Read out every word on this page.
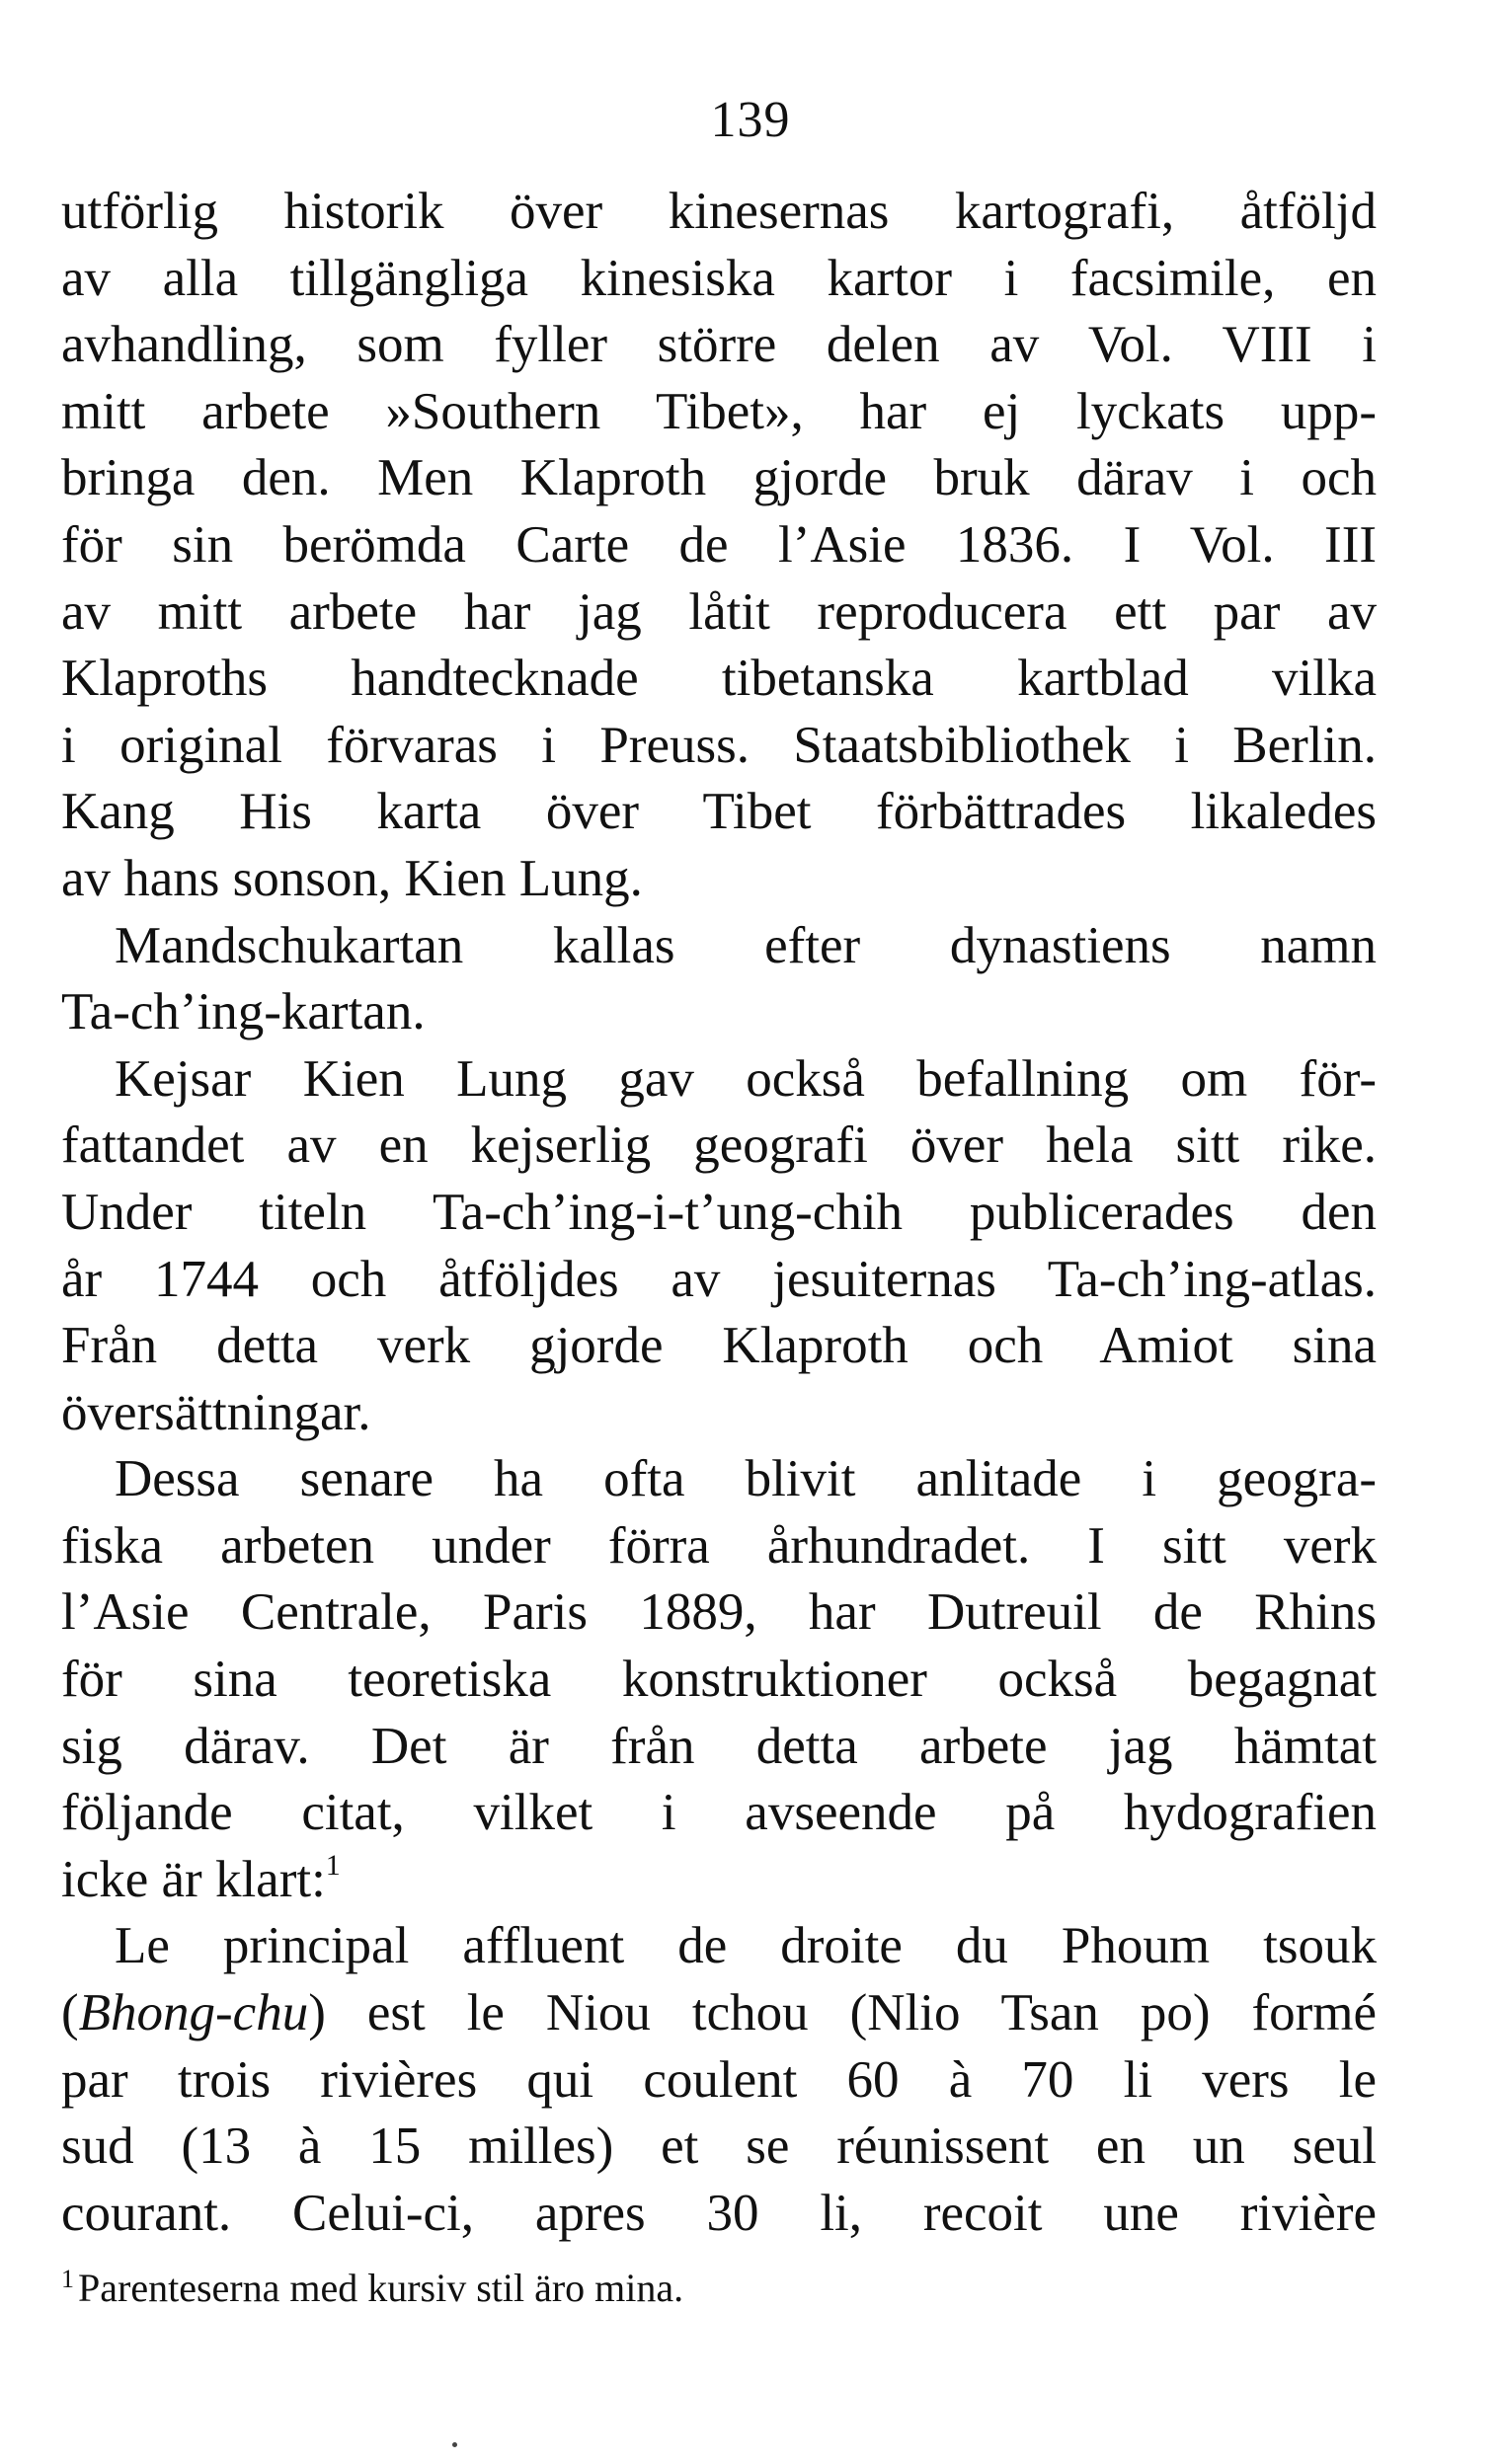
139
utförlig historik över kinesernas kartografi, åtföljd
av alla tillgängliga kinesiska kartor i facsimile, en
avhandling, som fyller större delen av Vol. VIII i
mitt arbete »Southern Tibet», har ej lyckats upp-
bringa den. Men Klaproth gjorde bruk därav i och
för sin berömda Carte de l’Asie 1836. I Vol. III
av mitt arbete har jag låtit reproducera ett par av
Klaproths handtecknade tibetanska kartblad vilka
i original förvaras i Preuss. Staatsbibliothek i Berlin.
Kang His karta över Tibet förbättrades likaledes
av hans sonson, Kien Lung.
Mandschukartan kallas efter dynastiens namn
Ta-ch’ing-kartan.
Kejsar Kien Lung gav också befallning om för-
fattandet av en kejserlig geografi över hela sitt rike.
Under titeln Ta-ch’ing-i-t’ung-chih publicerades den
år 1744 och åtföljdes av jesuiternas Ta-ch’ing-atlas.
Från detta verk gjorde Klaproth och Amiot sina
översättningar.
Dessa senare ha ofta blivit anlitade i geogra-
fiska arbeten under förra århundradet. I sitt verk
l’Asie Centrale, Paris 1889, har Dutreuil de Rhins
för sina teoretiska konstruktioner också begagnat
sig därav. Det är från detta arbete jag hämtat
följande citat, vilket i avseende på hydografien
icke är klart:$^1$
Le principal affluent de droite du Phoum tsouk
(Bhong-chu) est le Niou tchou (Nlio Tsan po) formé
par trois rivières qui coulent 60 à 70 li vers le
sud (13 à 15 milles) et se réunissent en un seul
courant. Celui-ci, apres 30 li, recoit une rivière
$^1$ Parenteserna med kursiv stil äro mina.
